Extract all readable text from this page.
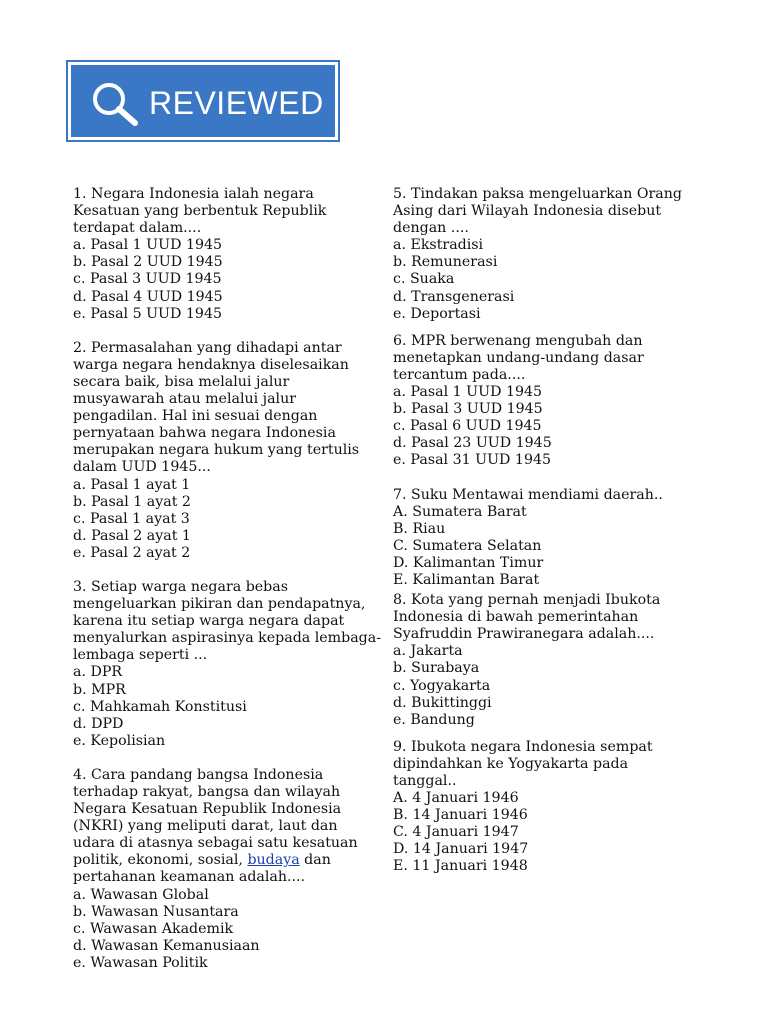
REVIEWED
1. Negara Indonesia ialah negara Kesatuan yang berbentuk Republik terdapat dalam....
a. Pasal 1 UUD 1945
b. Pasal 2 UUD 1945
c. Pasal 3 UUD 1945
d. Pasal 4 UUD 1945
e. Pasal 5 UUD 1945
2. Permasalahan yang dihadapi antar warga negara hendaknya diselesaikan secara baik, bisa melalui jalur musyawarah atau melalui jalur pengadilan. Hal ini sesuai dengan pernyataan bahwa negara Indonesia merupakan negara hukum yang tertulis dalam UUD 1945...
a. Pasal 1 ayat 1
b. Pasal 1 ayat 2
c. Pasal 1 ayat 3
d. Pasal 2 ayat 1
e. Pasal 2 ayat 2
3. Setiap warga negara bebas mengeluarkan pikiran dan pendapatnya, karena itu setiap warga negara dapat menyalurkan aspirasinya kepada lembaga-lembaga seperti ...
a. DPR
b. MPR
c. Mahkamah Konstitusi
d. DPD
e. Kepolisian
4. Cara pandang bangsa Indonesia terhadap rakyat, bangsa dan wilayah Negara Kesatuan Republik Indonesia (NKRI) yang meliputi darat, laut dan udara di atasnya sebagai satu kesatuan politik, ekonomi, sosial, budaya dan pertahanan keamanan adalah....
a. Wawasan Global
b. Wawasan Nusantara
c. Wawasan Akademik
d. Wawasan Kemanusiaan
e. Wawasan Politik
5. Tindakan paksa mengeluarkan Orang Asing dari Wilayah Indonesia disebut dengan ....
a. Ekstradisi
b. Remunerasi
c. Suaka
d. Transgenerasi
e. Deportasi
6. MPR berwenang mengubah dan menetapkan undang-undang dasar tercantum pada....
a. Pasal 1 UUD 1945
b. Pasal 3 UUD 1945
c. Pasal 6 UUD 1945
d. Pasal 23 UUD 1945
e. Pasal 31 UUD 1945
7. Suku Mentawai mendiami daerah..
A. Sumatera Barat
B. Riau
C. Sumatera Selatan
D. Kalimantan Timur
E. Kalimantan Barat
8. Kota yang pernah menjadi Ibukota Indonesia di bawah pemerintahan Syafruddin Prawiranegara adalah....
a. Jakarta
b. Surabaya
c. Yogyakarta
d. Bukittinggi
e. Bandung
9. Ibukota negara Indonesia sempat dipindahkan ke Yogyakarta pada tanggal..
A. 4 Januari 1946
B. 14 Januari 1946
C. 4 Januari 1947
D. 14 Januari 1947
E. 11 Januari 1948
